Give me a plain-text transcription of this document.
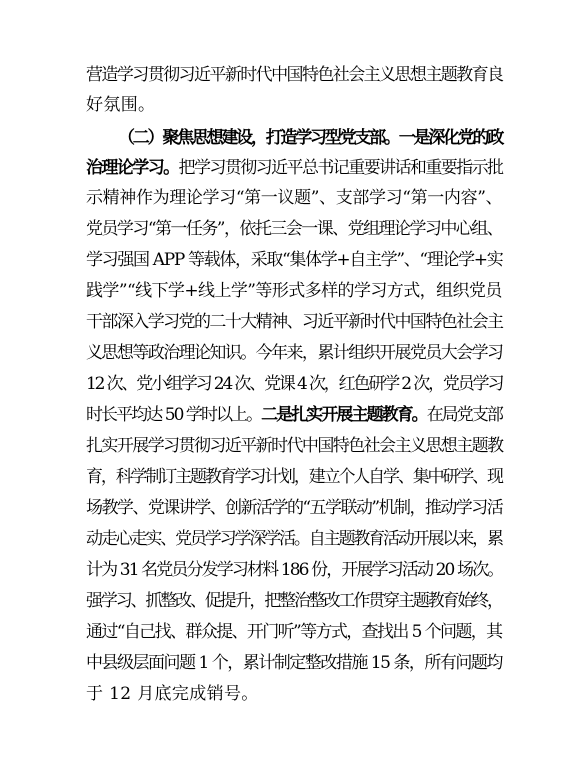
营造学习贯彻习近平新时代中国特色社会主义思想主题教育良
好氛围。
（二）聚焦思想建设，打造学习型党支部。一是深化党的政
治理论学习。把学习贯彻习近平总书记重要讲话和重要指示批
示精神作为理论学习“第一议题”、支部学习“第一内容”、
党员学习“第一任务”，依托三会一课、党组理论学习中心组、
学习强国 APP 等载体，采取“集体学+自主学”、“理论学+实
践学”“线下学+线上学”等形式多样的学习方式，组织党员
干部深入学习党的二十大精神、习近平新时代中国特色社会主
义思想等政治理论知识。今年来，累计组织开展党员大会学习
12 次、党小组学习 24 次、党课 4 次，红色研学 2 次，党员学习
时长平均达 50 学时以上。二是扎实开展主题教育。在局党支部
扎实开展学习贯彻习近平新时代中国特色社会主义思想主题教
育，科学制订主题教育学习计划，建立个人自学、集中研学、现
场教学、党课讲学、创新活学的“五学联动”机制，推动学习活
动走心走实、党员学习学深学活。自主题教育活动开展以来，累
计为 31 名党员分发学习材料 186 份，开展学习活动 20 场次。
强学习、抓整改、促提升，把整治整改工作贯穿主题教育始终，
通过“自己找、群众提、开门听”等方式，查找出 5 个问题，其
中县级层面问题 1 个，累计制定整改措施 15 条，所有问题均
于 12 月底完成销号。
